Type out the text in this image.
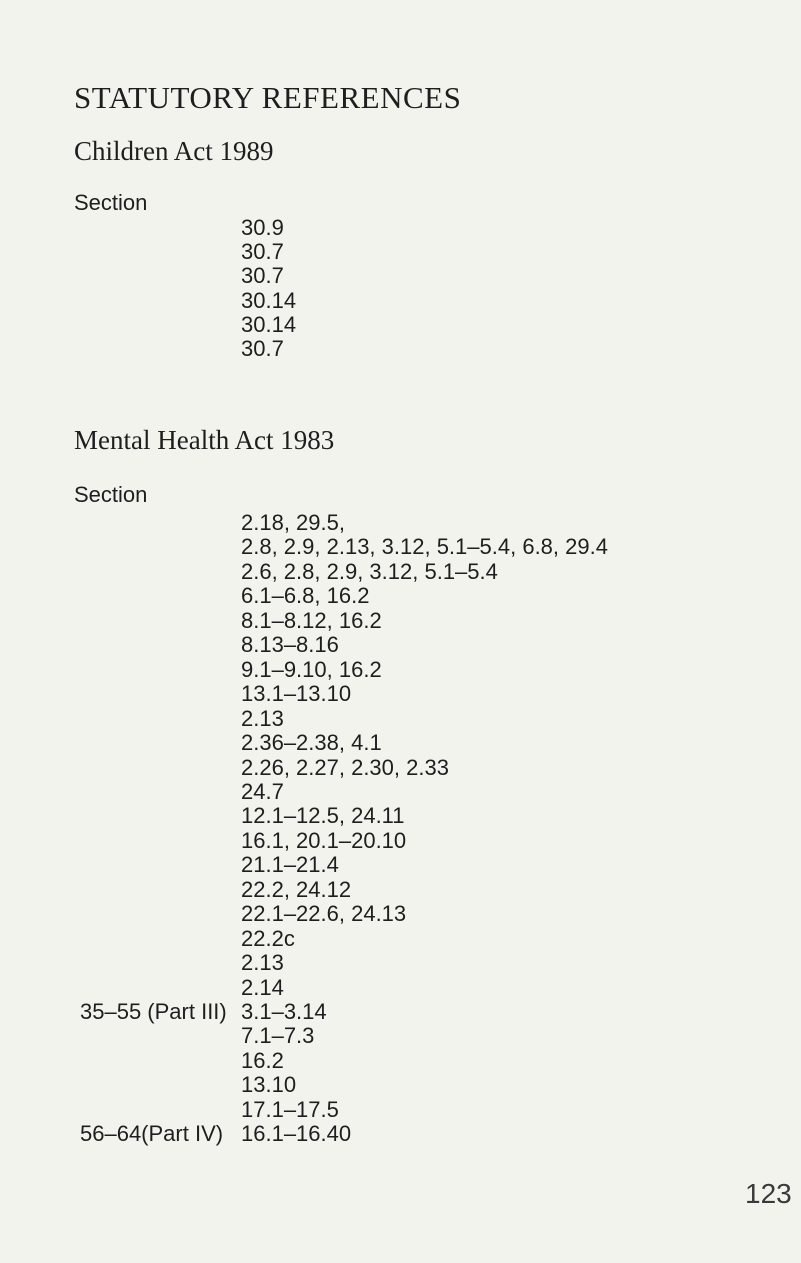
STATUTORY REFERENCES
Children Act 1989
Section
30.9
30.7
30.7
30.14
30.14
30.7
Mental Health Act 1983
Section
2.18, 29.5,
2.8, 2.9, 2.13, 3.12, 5.1–5.4, 6.8, 29.4
2.6, 2.8, 2.9, 3.12, 5.1–5.4
6.1–6.8, 16.2
8.1–8.12, 16.2
8.13–8.16
9.1–9.10, 16.2
13.1–13.10
2.13
2.36–2.38, 4.1
2.26, 2.27, 2.30, 2.33
24.7
12.1–12.5, 24.11
16.1, 20.1–20.10
21.1–21.4
22.2, 24.12
22.1–22.6, 24.13
22.2c
2.13
2.14
35–55 (Part III) 3.1–3.14
7.1–7.3
16.2
13.10
17.1–17.5
56–64(Part IV) 16.1–16.40
123
